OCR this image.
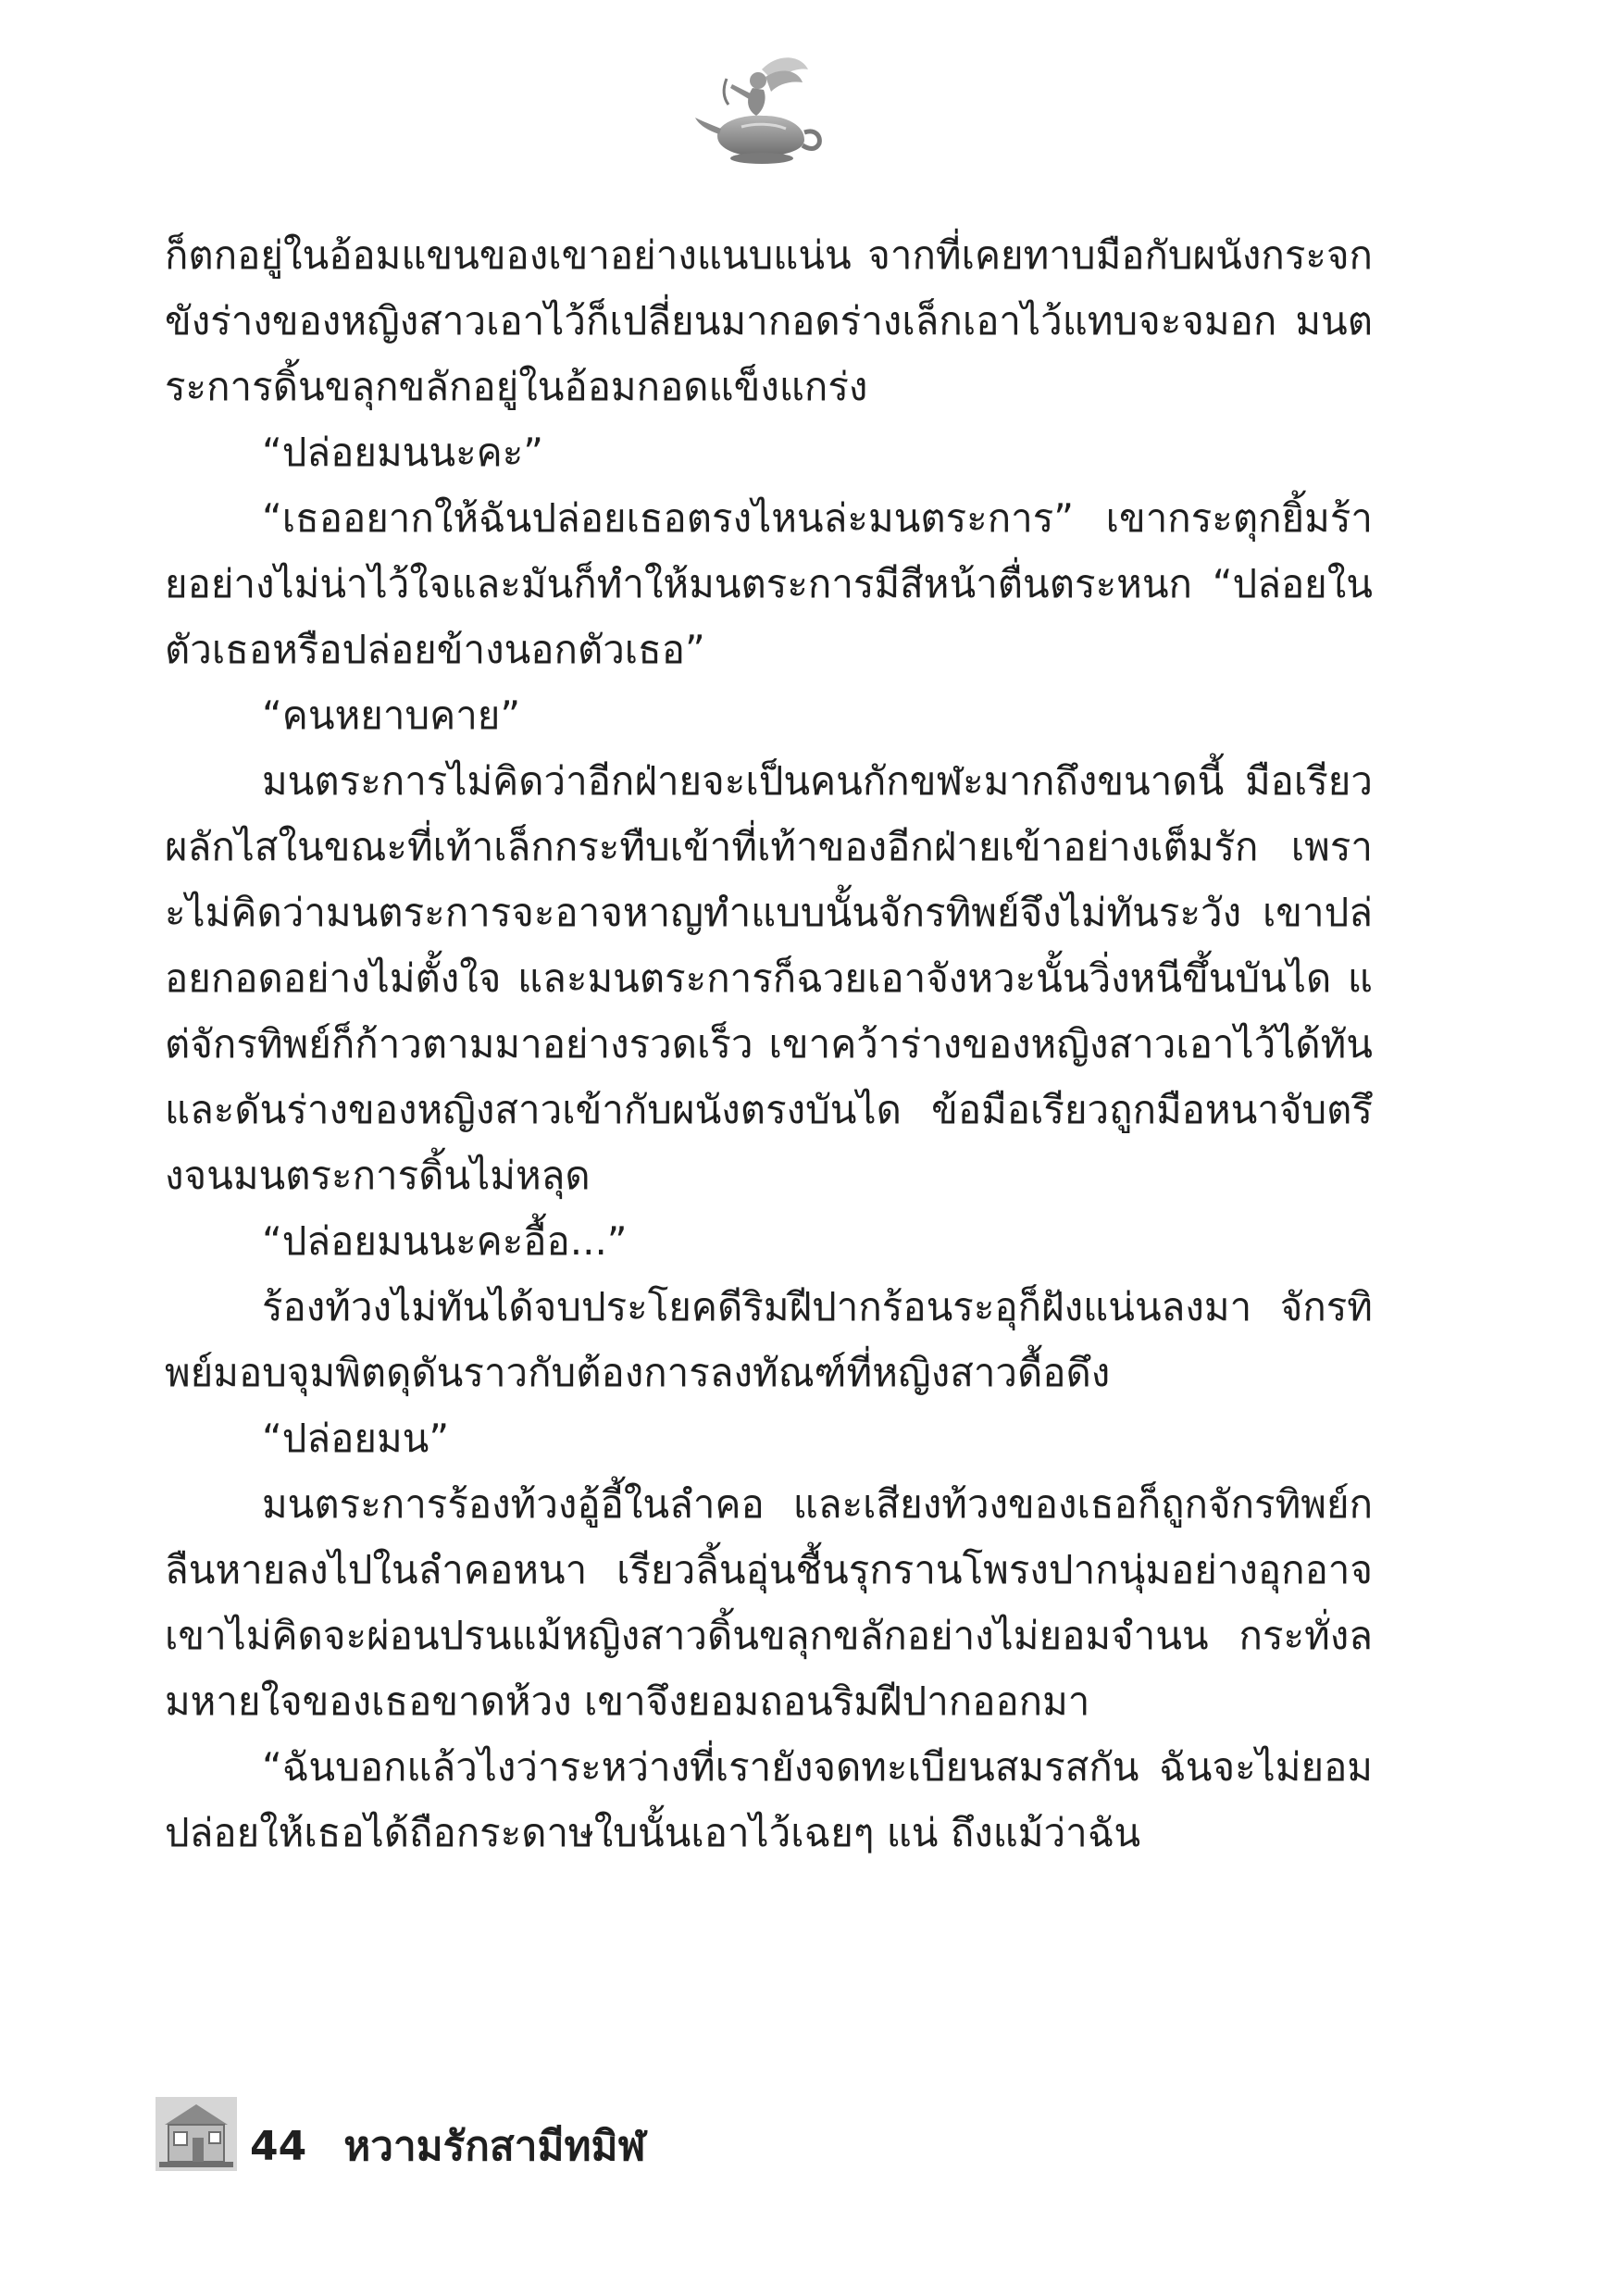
ก็ตกอยู่ในอ้อมแขนของเขาอย่างแนบแน่น จากที่เคยทาบมือกับผนังกระจกขังร่างของหญิงสาวเอาไว้ก็เปลี่ยนมากอดร่างเล็กเอาไว้แทบจะจมอก มนตระการดิ้นขลุกขลักอยู่ในอ้อมกอดแข็งแกร่ง

“ปล่อยมนนะคะ”

“เธออยากให้ฉันปล่อยเธอตรงไหนล่ะมนตระการ” เขากระตุกยิ้มร้ายอย่างไม่น่าไว้ใจและมันก็ทำให้มนตระการมีสีหน้าตื่นตระหนก “ปล่อยในตัวเธอหรือปล่อยข้างนอกตัวเธอ”

“คนหยาบคาย”

มนตระการไม่คิดว่าอีกฝ่ายจะเป็นคนกักขฬะมากถึงขนาดนี้ มือเรียวผลักไสในขณะที่เท้าเล็กกระทืบเข้าที่เท้าของอีกฝ่ายเข้าอย่างเต็มรัก เพราะไม่คิดว่ามนตระการจะอาจหาญทำแบบนั้นจักรทิพย์จึงไม่ทันระวัง เขาปล่อยกอดอย่างไม่ตั้งใจ และมนตระการก็ฉวยเอาจังหวะนั้นวิ่งหนีขึ้นบันได แต่จักรทิพย์ก็ก้าวตามมาอย่างรวดเร็ว เขาคว้าร่างของหญิงสาวเอาไว้ได้ทันและดันร่างของหญิงสาวเข้ากับผนังตรงบันได ข้อมือเรียวถูกมือหนาจับตรึงจนมนตระการดิ้นไม่หลุด

“ปล่อยมนนะคะอื้อ...”

ร้องท้วงไม่ทันได้จบประโยคดีริมฝีปากร้อนระอุก็ฝังแน่นลงมา จักรทิพย์มอบจุมพิตดุดันราวกับต้องการลงทัณฑ์ที่หญิงสาวดื้อดึง

“ปล่อยมน”

มนตระการร้องท้วงอู้อี้ในลำคอ และเสียงท้วงของเธอก็ถูกจักรทิพย์กลืนหายลงไปในลำคอหนา เรียวลิ้นอุ่นชื้นรุกรานโพรงปากนุ่มอย่างอุกอาจ เขาไม่คิดจะผ่อนปรนแม้หญิงสาวดิ้นขลุกขลักอย่างไม่ยอมจำนน กระทั่งลมหายใจของเธอขาดห้วง เขาจึงยอมถอนริมฝีปากออกมา

“ฉันบอกแล้วไงว่าระหว่างที่เรายังจดทะเบียนสมรสกัน ฉันจะไม่ยอมปล่อยให้เธอได้ถือกระดาษใบนั้นเอาไว้เฉยๆ แน่ ถึงแม้ว่าฉัน

44 หวามรักสามีทมิฬ
